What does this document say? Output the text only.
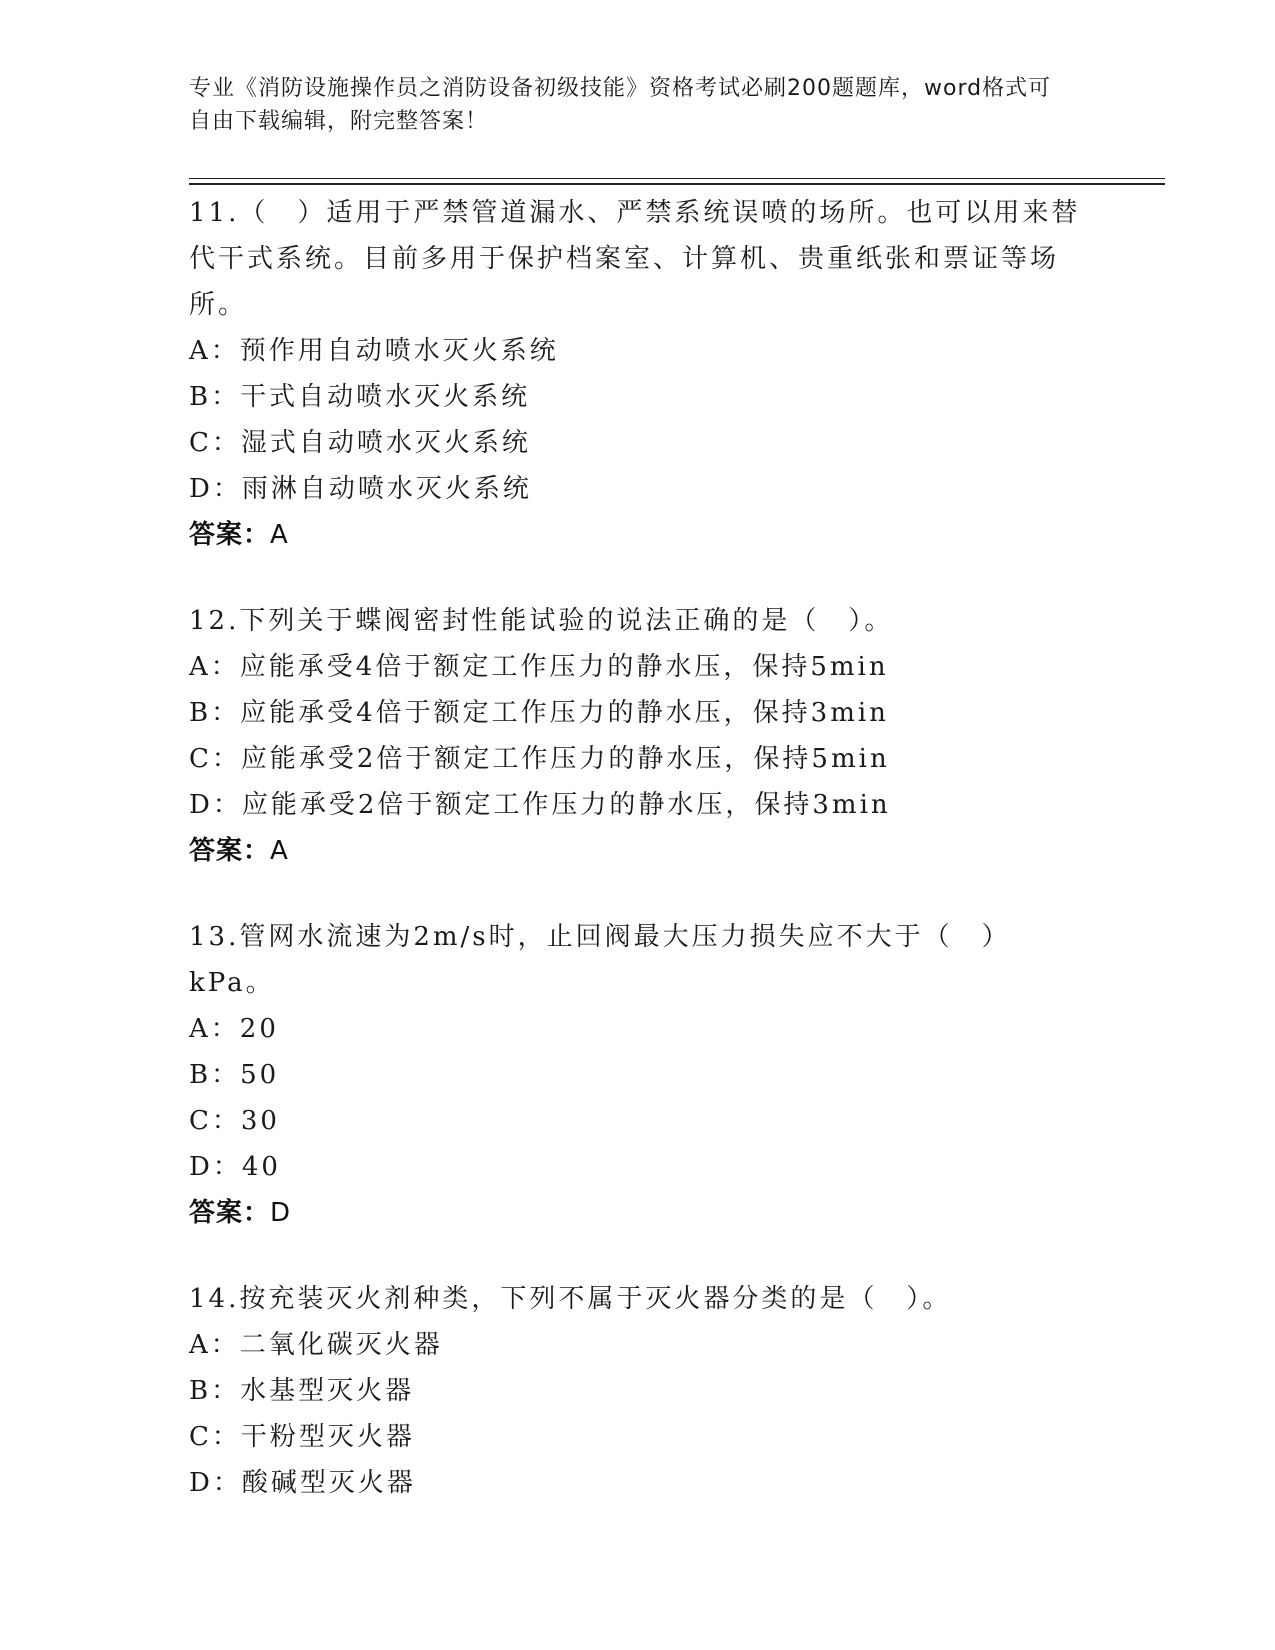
专业《消防设施操作员之消防设备初级技能》资格考试必刷200题题库，word格式可自由下载编辑，附完整答案！
11.（　）适用于严禁管道漏水、严禁系统误喷的场所。也可以用来替代干式系统。目前多用于保护档案室、计算机、贵重纸张和票证等场所。
A：预作用自动喷水灭火系统
B：干式自动喷水灭火系统
C：湿式自动喷水灭火系统
D：雨淋自动喷水灭火系统
答案：A
12.下列关于蝶阀密封性能试验的说法正确的是（　）。
A：应能承受4倍于额定工作压力的静水压，保持5min
B：应能承受4倍于额定工作压力的静水压，保持3min
C：应能承受2倍于额定工作压力的静水压，保持5min
D：应能承受2倍于额定工作压力的静水压，保持3min
答案：A
13.管网水流速为2m/s时，止回阀最大压力损失应不大于（　）kPa。
A：20
B：50
C：30
D：40
答案：D
14.按充装灭火剂种类，下列不属于灭火器分类的是（　）。
A：二氧化碳灭火器
B：水基型灭火器
C：干粉型灭火器
D：酸碱型灭火器
